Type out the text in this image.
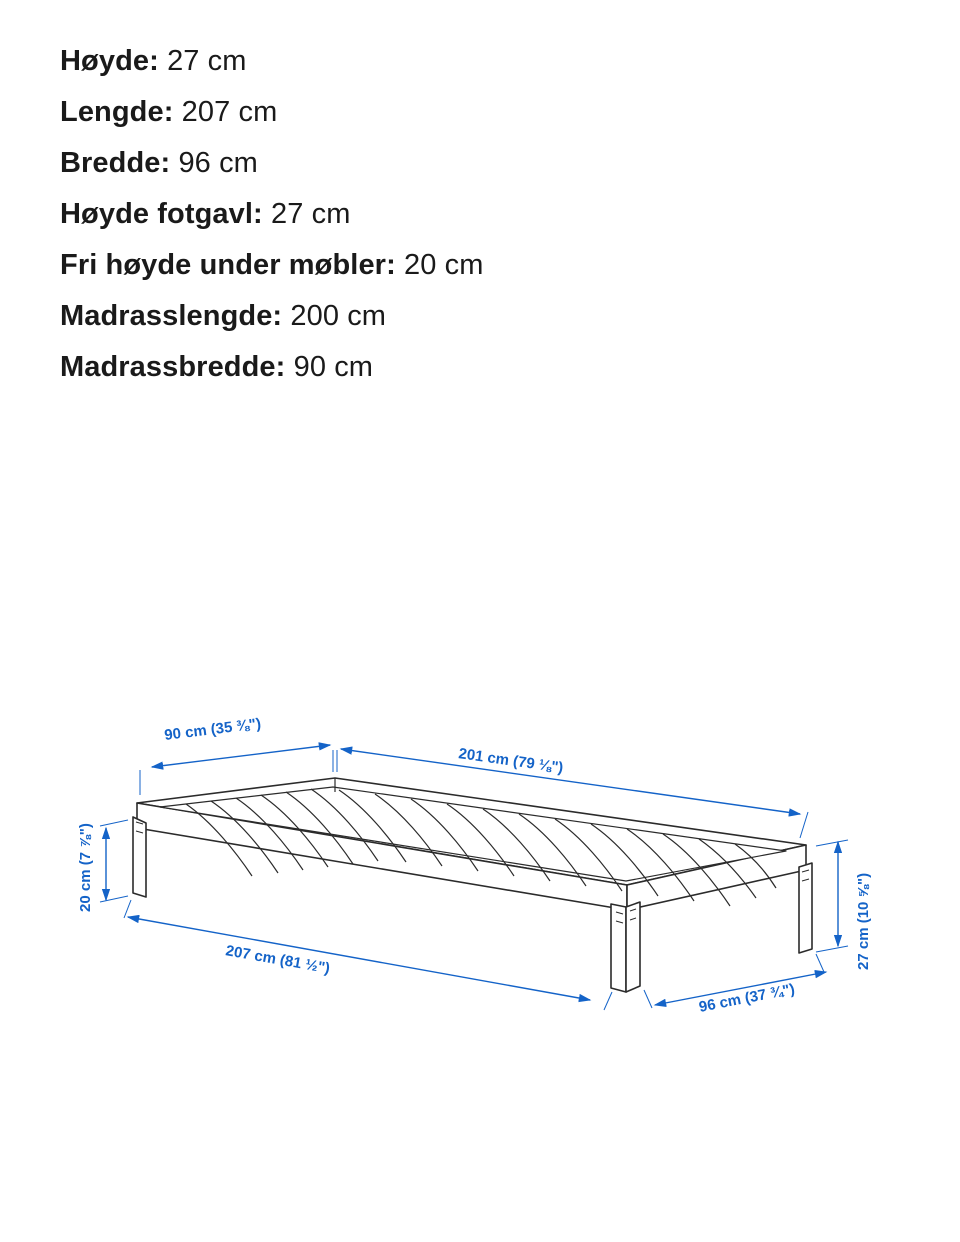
Høyde: 27 cm
Lengde: 207 cm
Bredde: 96 cm
Høyde fotgavl: 27 cm
Fri høyde under møbler: 20 cm
Madrasslengde: 200 cm
Madrassbredde: 90 cm
90 cm (35 ⅜")
201 cm (79 ⅛")
20 cm (7 ⅞")
207 cm (81 ½")
96 cm (37 ¾")
27 cm (10 ⅝")
